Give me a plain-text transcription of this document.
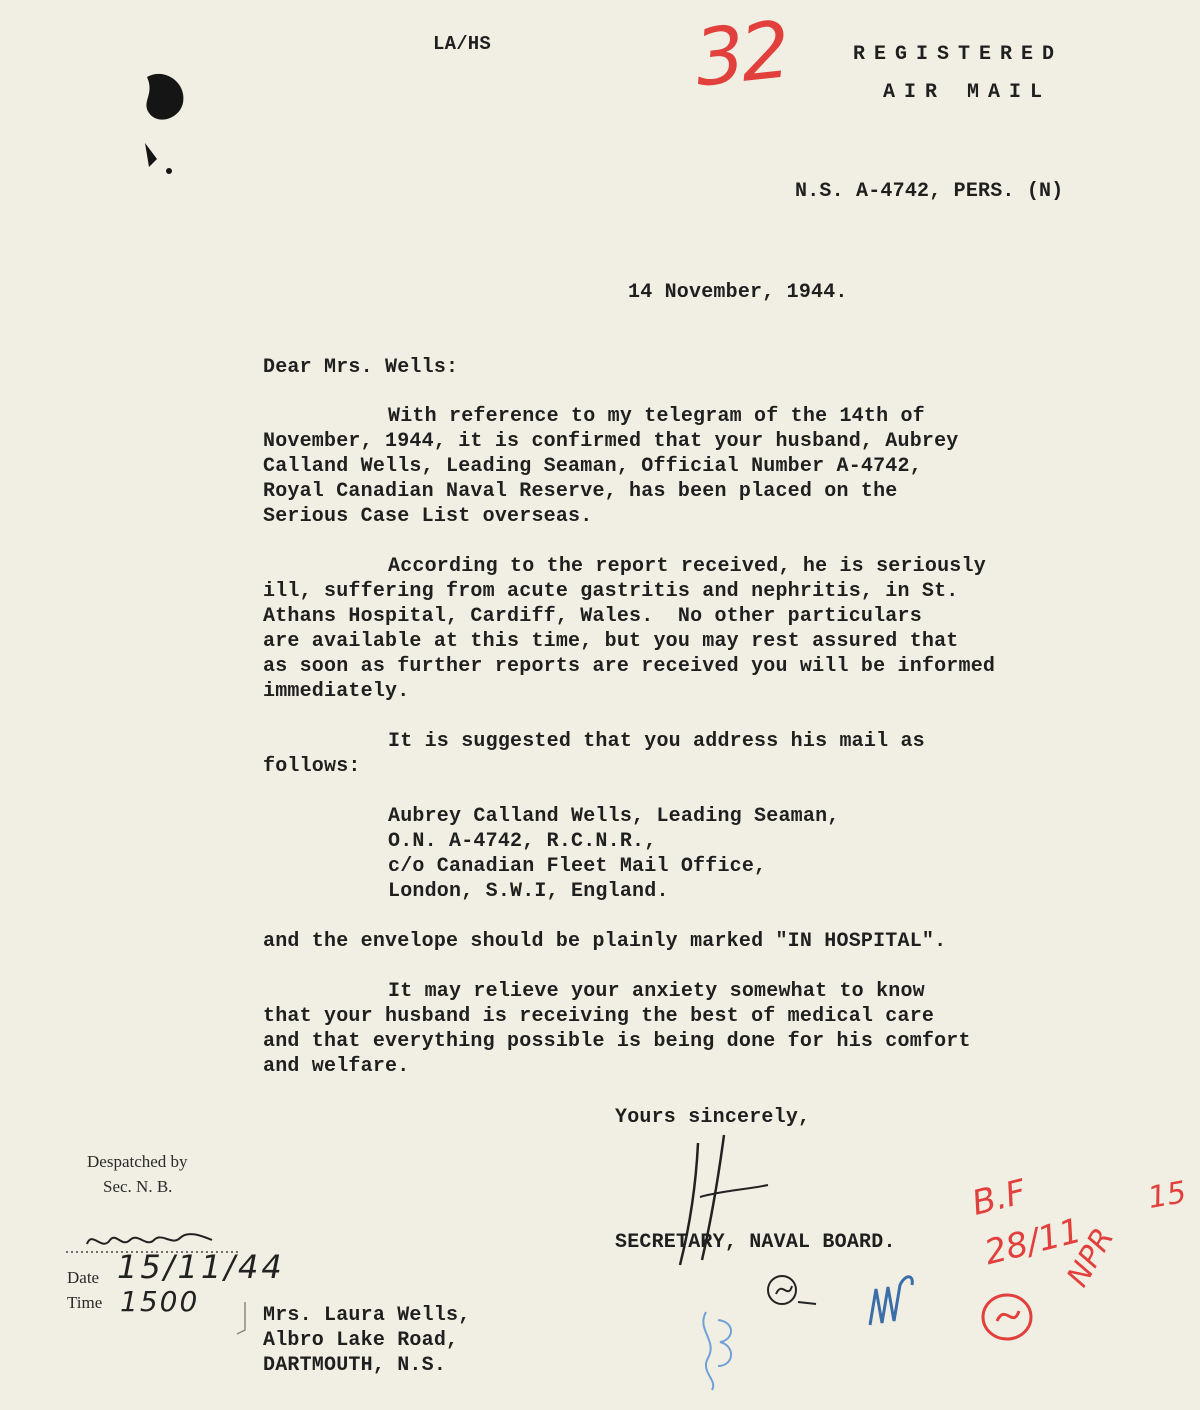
LA/HS	32	REGISTERED
AIR MAIL
N.S. A-4742, PERS. (N)
14 November, 1944.
Dear Mrs. Wells:
With reference to my telegram of the 14th of
November, 1944, it is confirmed that your husband, Aubrey
Calland Wells, Leading Seaman, Official Number A-4742,
Royal Canadian Naval Reserve, has been placed on the
Serious Case List overseas.
According to the report received, he is seriously
ill, suffering from acute gastritis and nephritis, in St.
Athans Hospital, Cardiff, Wales.  No other particulars
are available at this time, but you may rest assured that
as soon as further reports are received you will be informed
immediately.
It is suggested that you address his mail as
follows:
Aubrey Calland Wells, Leading Seaman,
O.N. A-4742, R.C.N.R.,
c/o Canadian Fleet Mail Office,
London, S.W.I, England.
and the envelope should be plainly marked "IN HOSPITAL".
It may relieve your anxiety somewhat to know
that your husband is receiving the best of medical care
and that everything possible is being done for his comfort
and welfare.
Yours sincerely,
SECRETARY, NAVAL BOARD.
Mrs. Laura Wells,
Albro Lake Road,
DARTMOUTH, N.S.
Despatched by
Sec. N. B.
Date 15/11/44
Time 1500
B.F
28/11
NPR
15
